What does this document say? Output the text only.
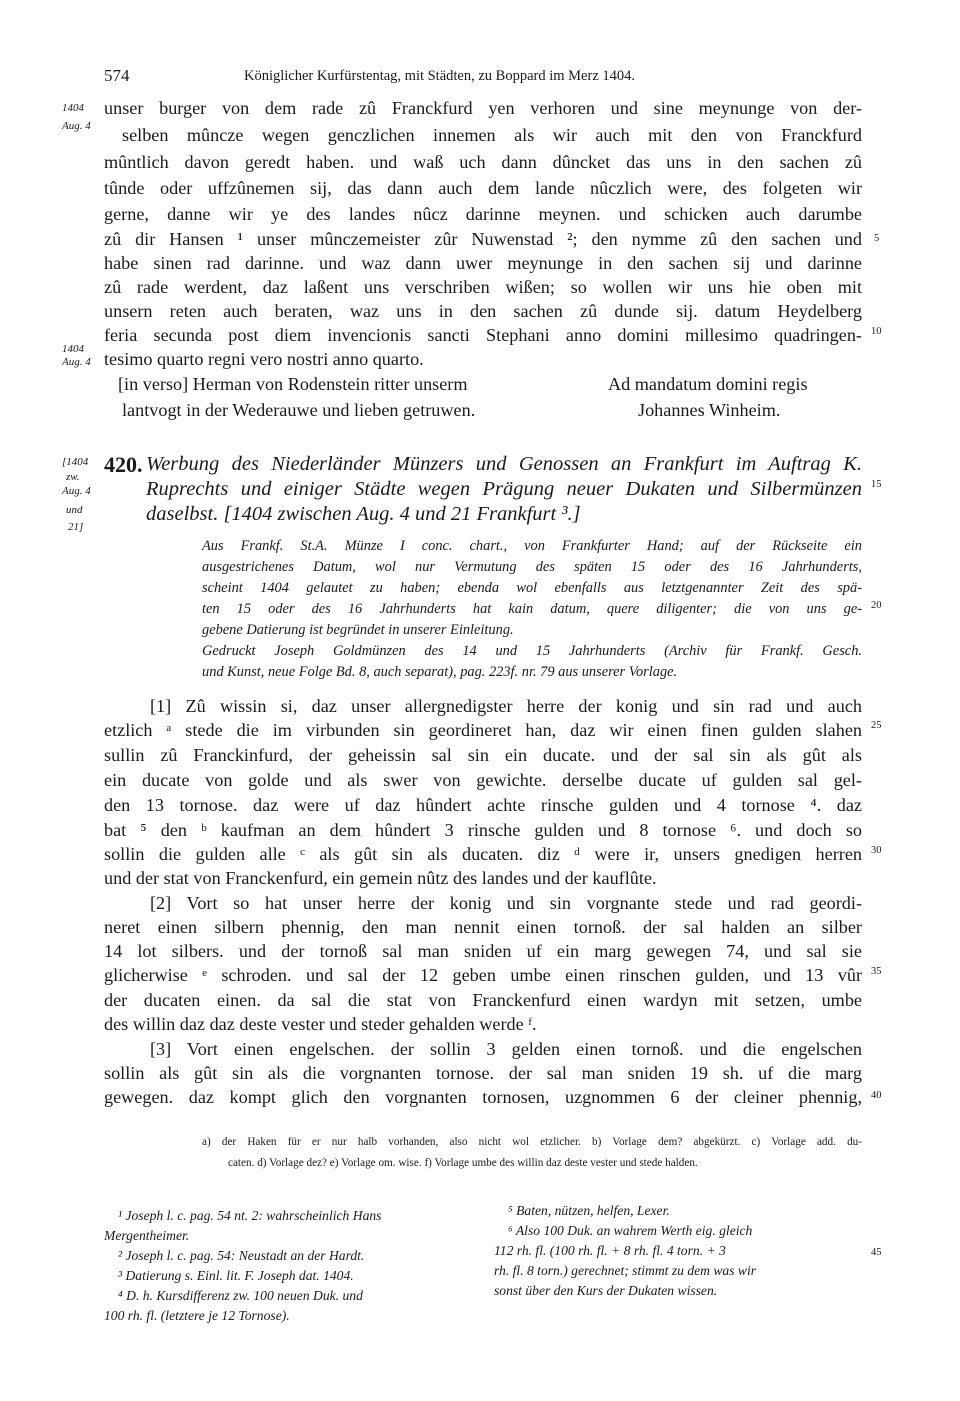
574	Königlicher Kurfürstentag, mit Städten, zu Boppard im Merz 1404.
1404
Aug. 4
1404
Aug. 4
[1404
zw.
Aug. 4
und
21]
5
10
15
20
25
30
35
40
45
unser burger von dem rade zû Franckfurd yen verhoren und sine meynunge von der-
selben mûncze wegen genczlichen innemen als wir auch mit den von Franckfurd
mûntlich davon geredt haben. und waß uch dann dûncket das uns in den sachen zû
tûnde oder uffzûnemen sij, das dann auch dem lande nûczlich were, des folgeten wir
gerne, danne wir ye des landes nûcz darinne meynen. und schicken auch darumbe
zû dir Hansen ¹ unser mûnczemeister zûr Nuwenstad ²; den nymme zû den sachen und
habe sinen rad darinne. und waz dann uwer meynunge in den sachen sij und darinne
zû rade werdent, daz laßent uns verschriben wißen; so wollen wir uns hie oben mit
unsern reten auch beraten, waz uns in den sachen zû dunde sij. datum Heydelberg
feria secunda post diem invencionis sancti Stephani anno domini millesimo quadringen-
tesimo quarto regni vero nostri anno quarto.
[in verso] Herman von Rodenstein ritter unserm
lantvogt in der Wederauwe und lieben getruwen.
Ad mandatum domini regis
Johannes Winheim.
420. Werbung des Niederländer Münzers und Genossen an Frankfurt im Auftrag K.
Ruprechts und einiger Städte wegen Prägung neuer Dukaten und Silbermünzen
daselbst. [1404 zwischen Aug. 4 und 21 Frankfurt ³.]
Aus Frankf. St.A. Münze I conc. chart., von Frankfurter Hand; auf der Rückseite ein
ausgestrichenes Datum, wol nur Vermutung des späten 15 oder des 16 Jahrhunderts,
scheint 1404 gelautet zu haben; ebenda wol ebenfalls aus letztgenannter Zeit des spä-
ten 15 oder des 16 Jahrhunderts hat kain datum, quere diligenter; die von uns ge-
gebene Datierung ist begründet in unserer Einleitung.
Gedruckt Joseph Goldmünzen des 14 und 15 Jahrhunderts (Archiv für Frankf. Gesch.
und Kunst, neue Folge Bd. 8, auch separat), pag. 223f. nr. 79 aus unserer Vorlage.
[1] Zû wissin si, daz unser allergnedigster herre der konig und sin rad und auch
etzlich ᵃ stede die im virbunden sin geordineret han, daz wir einen finen gulden slahen
sullin zû Franckinfurd, der geheissin sal sin ein ducate. und der sal sin als gût als
ein ducate von golde und als swer von gewichte. derselbe ducate uf gulden sal gel-
den 13 tornose. daz were uf daz hûndert achte rinsche gulden und 4 tornose ⁴. daz
bat ⁵ den ᵇ kaufman an dem hûndert 3 rinsche gulden und 8 tornose ⁶. und doch so
sollin die gulden alle ᶜ als gût sin als ducaten. diz ᵈ were ir, unsers gnedigen herren
und der stat von Franckenfurd, ein gemein nûtz des landes und der kauflûte.
[2] Vort so hat unser herre der konig und sin vorgnante stede und rad geordi-
neret einen silbern phennig, den man nennit einen tornoß. der sal halden an silber
14 lot silbers. und der tornoß sal man sniden uf ein marg gewegen 74, und sal sie
glicherwise ᵉ schroden. und sal der 12 geben umbe einen rinschen gulden, und 13 vûr
der ducaten einen. da sal die stat von Franckenfurd einen wardyn mit setzen, umbe
des willin daz daz deste vester und steder gehalden werde ᶠ.
[3] Vort einen engelschen. der sollin 3 gelden einen tornoß. und die engelschen
sollin als gût sin als die vorgnanten tornose. der sal man sniden 19 sh. uf die marg
gewegen. daz kompt glich den vorgnanten tornosen, uzgnommen 6 der cleiner phennig,
a) der Haken für er nur halb vorhanden, also nicht wol etzlicher. b) Vorlage dem? abgekürzt. c) Vorlage add. du-
caten. d) Vorlage dez? e) Vorlage om. wise. f) Vorlage umbe des willin daz deste vester und stede halden.
¹ Joseph l. c. pag. 54 nt. 2: wahrscheinlich Hans
Mergentheimer.
² Joseph l. c. pag. 54: Neustadt an der Hardt.
³ Datierung s. Einl. lit. F. Joseph dat. 1404.
⁴ D. h. Kursdifferenz zw. 100 neuen Duk. und
100 rh. fl. (letztere je 12 Tornose).
⁵ Baten, nützen, helfen, Lexer.
⁶ Also 100 Duk. an wahrem Werth eig. gleich
112 rh. fl. (100 rh. fl. + 8 rh. fl. 4 torn. + 3
rh. fl. 8 torn.) gerechnet; stimmt zu dem was wir
sonst über den Kurs der Dukaten wissen.
